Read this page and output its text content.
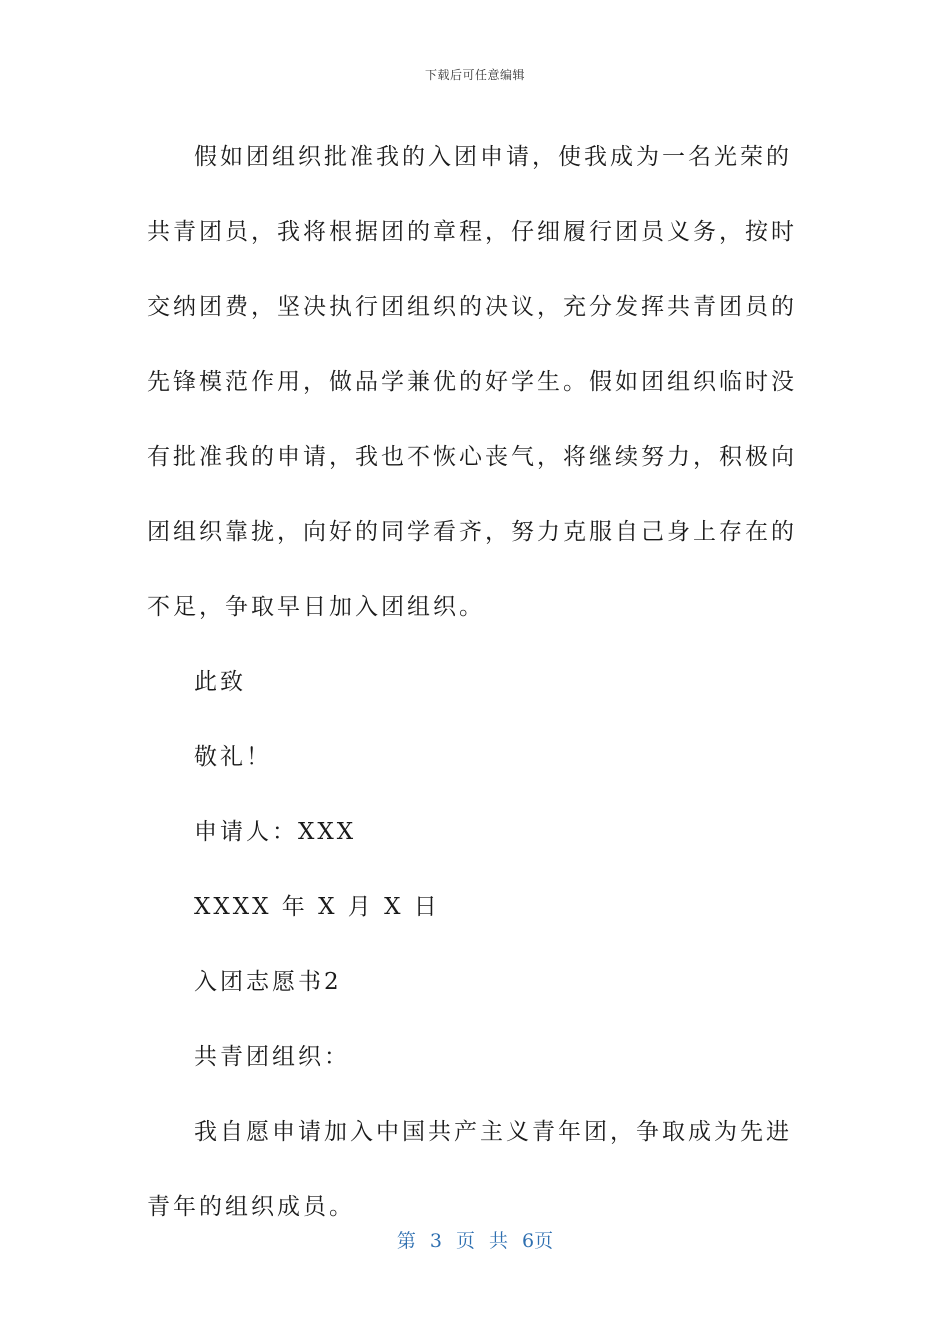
下载后可任意编辑

假如团组织批准我的入团申请，使我成为一名光荣的共青团员，我将根据团的章程，仔细履行团员义务，按时交纳团费，坚决执行团组织的决议，充分发挥共青团员的先锋模范作用，做品学兼优的好学生。假如团组织临时没有批准我的申请，我也不恢心丧气，将继续努力，积极向团组织靠拢，向好的同学看齐，努力克服自己身上存在的不足，争取早日加入团组织。

此致

敬礼！

申请人：XXX

XXXX 年 X 月 X 日

入团志愿书2

共青团组织：

我自愿申请加入中国共产主义青年团，争取成为先进青年的组织成员。

第 3 页 共 6页
